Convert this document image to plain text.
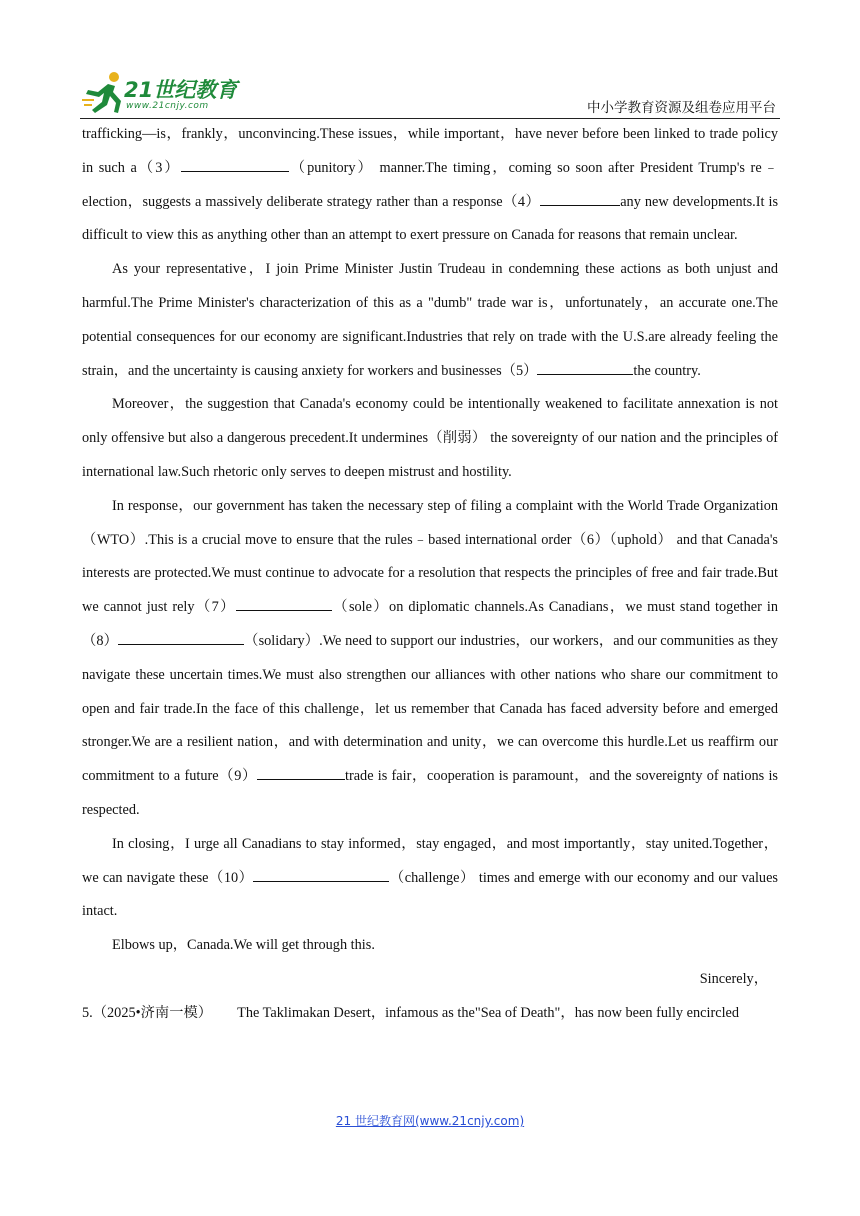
21世纪教育
www.21cnjy.com	中小学教育资源及组卷应用平台

trafficking—is，frankly，unconvincing.These issues，while important，have never before been linked to trade policy in such a（3）	（punitory） manner.The timing，coming so soon after President Trump's re﹣election，suggests a massively deliberate strategy rather than a response（4）	any new developments.It is difficult to view this as anything other than an attempt to exert pressure on Canada for reasons that remain unclear.

As your representative，I join Prime Minister Justin Trudeau in condemning these actions as both unjust and harmful.The Prime Minister's characterization of this as a "dumb" trade war is，unfortunately，an accurate one.The potential consequences for our economy are significant.Industries that rely on trade with the U.S.are already feeling the strain，and the uncertainty is causing anxiety for workers and businesses（5）	the country.

Moreover，the suggestion that Canada's economy could be intentionally weakened to facilitate annexation is not only offensive but also a dangerous precedent.It undermines（削弱） the sovereignty of our nation and the principles of international law.Such rhetoric only serves to deepen mistrust and hostility.

In response，our government has taken the necessary step of filing a complaint with the World Trade Organization （WTO）.This is a crucial move to ensure that the rules﹣based international order（6）（uphold） and that Canada's interests are protected.We must continue to advocate for a resolution that respects the principles of free and fair trade.But we cannot just rely（7）	（sole）on diplomatic channels.As Canadians，we must stand together in（8）	（solidary）.We need to support our industries，our workers，and our communities as they navigate these uncertain times.We must also strengthen our alliances with other nations who share our commitment to open and fair trade.In the face of this challenge，let us remember that Canada has faced adversity before and emerged stronger.We are a resilient nation，and with determination and unity，we can overcome this hurdle.Let us reaffirm our commitment to a future（9）	trade is fair，cooperation is paramount，and the sovereignty of nations is respected.

In closing，I urge all Canadians to stay informed，stay engaged，and most importantly，stay united.Together，we can navigate these（10）	（challenge） times and emerge with our economy and our values intact.

Elbows up，Canada.We will get through this.

Sincerely，

5.（2025•济南一模） The Taklimakan Desert，infamous as the"Sea of Death"，has now been fully encircled

21 世纪教育网(www.21cnjy.com)
